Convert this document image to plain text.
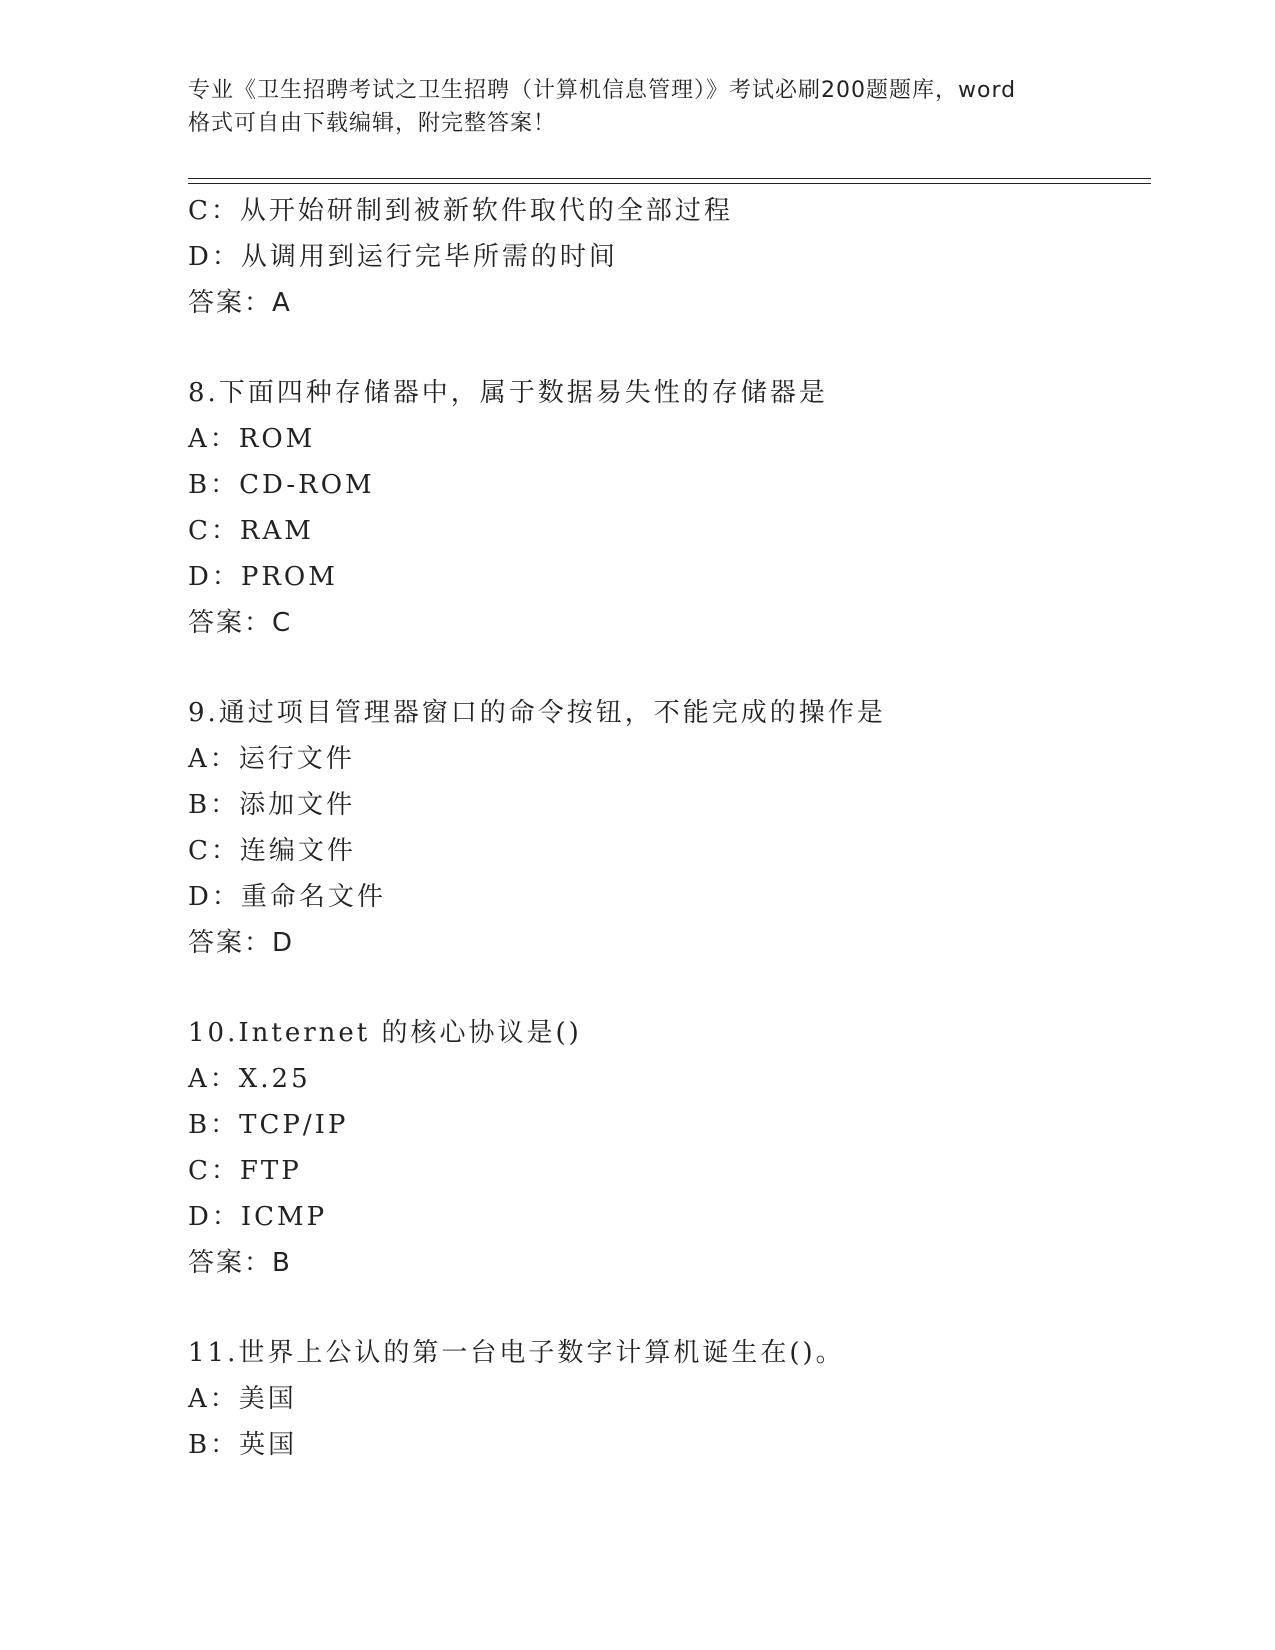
专业《卫生招聘考试之卫生招聘（计算机信息管理）》考试必刷200题题库，word
格式可自由下载编辑，附完整答案！
C：从开始研制到被新软件取代的全部过程
D：从调用到运行完毕所需的时间
答案：A
8.下面四种存储器中，属于数据易失性的存储器是
A：ROM
B：CD-ROM
C：RAM
D：PROM
答案：C
9.通过项目管理器窗口的命令按钮，不能完成的操作是
A：运行文件
B：添加文件
C：连编文件
D：重命名文件
答案：D
10.Internet 的核心协议是()
A：X.25
B：TCP/IP
C：FTP
D：ICMP
答案：B
11.世界上公认的第一台电子数字计算机诞生在()。
A：美国
B：英国
